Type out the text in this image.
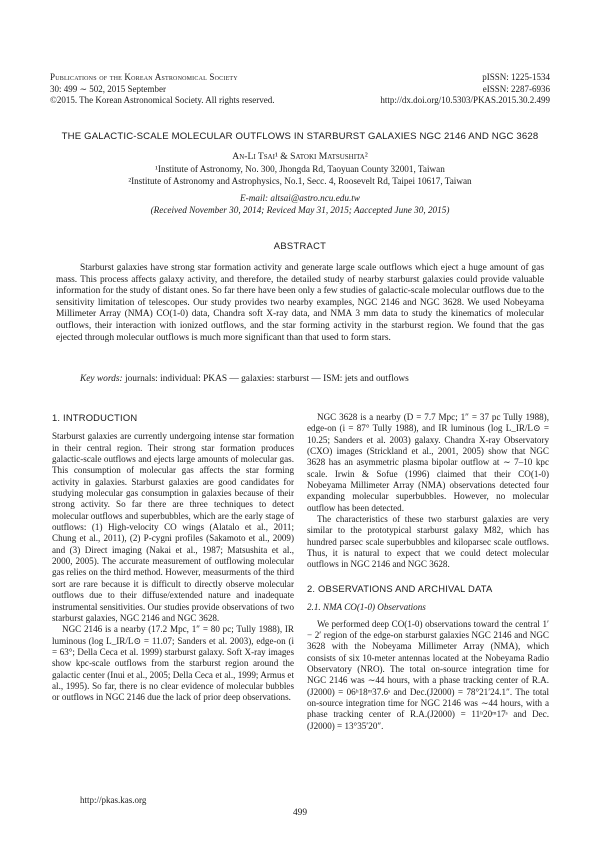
Publications of the Korean Astronomical Society
30: 499 ∼ 502, 2015 September
©2015. The Korean Astronomical Society. All rights reserved.
pISSN: 1225-1534
eISSN: 2287-6936
http://dx.doi.org/10.5303/PKAS.2015.30.2.499
THE GALACTIC-SCALE MOLECULAR OUTFLOWS IN STARBURST GALAXIES NGC 2146 AND NGC 3628
An-Li Tsai¹ & Satoki Matsushita²
¹Institute of Astronomy, No. 300, Jhongda Rd, Taoyuan County 32001, Taiwan
²Institute of Astronomy and Astrophysics, No.1, Secc. 4, Roosevelt Rd, Taipei 10617, Taiwan
E-mail: altsai@astro.ncu.edu.tw
(Received November 30, 2014; Reviced May 31, 2015; Aaccepted June 30, 2015)
ABSTRACT
Starburst galaxies have strong star formation activity and generate large scale outflows which eject a huge amount of gas mass. This process affects galaxy activity, and therefore, the detailed study of nearby starburst galaxies could provide valuable information for the study of distant ones. So far there have been only a few studies of galactic-scale molecular outflows due to the sensitivity limitation of telescopes. Our study provides two nearby examples, NGC 2146 and NGC 3628. We used Nobeyama Millimeter Array (NMA) CO(1-0) data, Chandra soft X-ray data, and NMA 3 mm data to study the kinematics of molecular outflows, their interaction with ionized outflows, and the star forming activity in the starburst region. We found that the gas ejected through molecular outflows is much more significant than that used to form stars.
Key words: journals: individual: PKAS — galaxies: starburst — ISM: jets and outflows
1. INTRODUCTION

Starburst galaxies are currently undergoing intense star formation in their central region. Their strong star formation produces galactic-scale outflows and ejects large amounts of molecular gas. This consumption of molecular gas affects the star forming activity in galaxies. Starburst galaxies are good candidates for studying molecular gas consumption in galaxies because of their strong activity. So far there are three techniques to detect molecular outflows and superbubbles, which are the early stage of outflows: (1) High-velocity CO wings (Alatalo et al., 2011; Chung et al., 2011), (2) P-cygni profiles (Sakamoto et al., 2009) and (3) Direct imaging (Nakai et al., 1987; Matsushita et al., 2000, 2005). The accurate measurement of outflowing molecular gas relies on the third method. However, measurments of the third sort are rare because it is difficult to directly observe molecular outflows due to their diffuse/extended nature and inadequate instrumental sensitivities. Our studies provide observations of two starburst galaxies, NGC 2146 and NGC 3628.

NGC 2146 is a nearby (17.2 Mpc, 1″ = 80 pc; Tully 1988), IR luminous (log L_IR/L⊙ = 11.07; Sanders et al. 2003), edge-on (i = 63°; Della Ceca et al. 1999) starburst galaxy. Soft X-ray images show kpc-scale outflows from the starburst region around the galactic center (Inui et al., 2005; Della Ceca et al., 1999; Armus et al., 1995). So far, there is no clear evidence of molecular bubbles or outflows in NGC 2146 due the lack of prior deep observations.

NGC 3628 is a nearby (D = 7.7 Mpc; 1″ = 37 pc Tully 1988), edge-on (i = 87° Tully 1988), and IR luminous (log L_IR/L⊙ = 10.25; Sanders et al. 2003) galaxy. Chandra X-ray Observatory (CXO) images (Strickland et al., 2001, 2005) show that NGC 3628 has an asymmetric plasma bipolar outflow at ∼ 7–10 kpc scale. Irwin & Sofue (1996) claimed that their CO(1-0) Nobeyama Millimeter Array (NMA) observations detected four expanding molecular superbubbles. However, no molecular outflow has been detected.

The characteristics of these two starburst galaxies are very similar to the prototypical starburst galaxy M82, which has hundred parsec scale superbubbles and kiloparsec scale outflows. Thus, it is natural to expect that we could detect molecular outflows in NGC 2146 and NGC 3628.

2. OBSERVATIONS AND ARCHIVAL DATA
2.1. NMA CO(1-0) Observations

We performed deep CO(1-0) observations toward the central 1′ − 2′ region of the edge-on starburst galaxies NGC 2146 and NGC 3628 with the Nobeyama Millimeter Array (NMA), which consists of six 10-meter antennas located at the Nobeyama Radio Observatory (NRO). The total on-source integration time for NGC 2146 was ∼44 hours, with a phase tracking center of R.A.(J2000) = 06ʰ18ᵐ37.6ˢ and Dec.(J2000) = 78°21′24.1″. The total on-source integration time for NGC 2146 was ∼44 hours, with a phase tracking center of R.A.(J2000) = 11ʰ20ᵐ17ˢ and Dec.(J2000) = 13°35′20″.

http://pkas.kas.org
499
